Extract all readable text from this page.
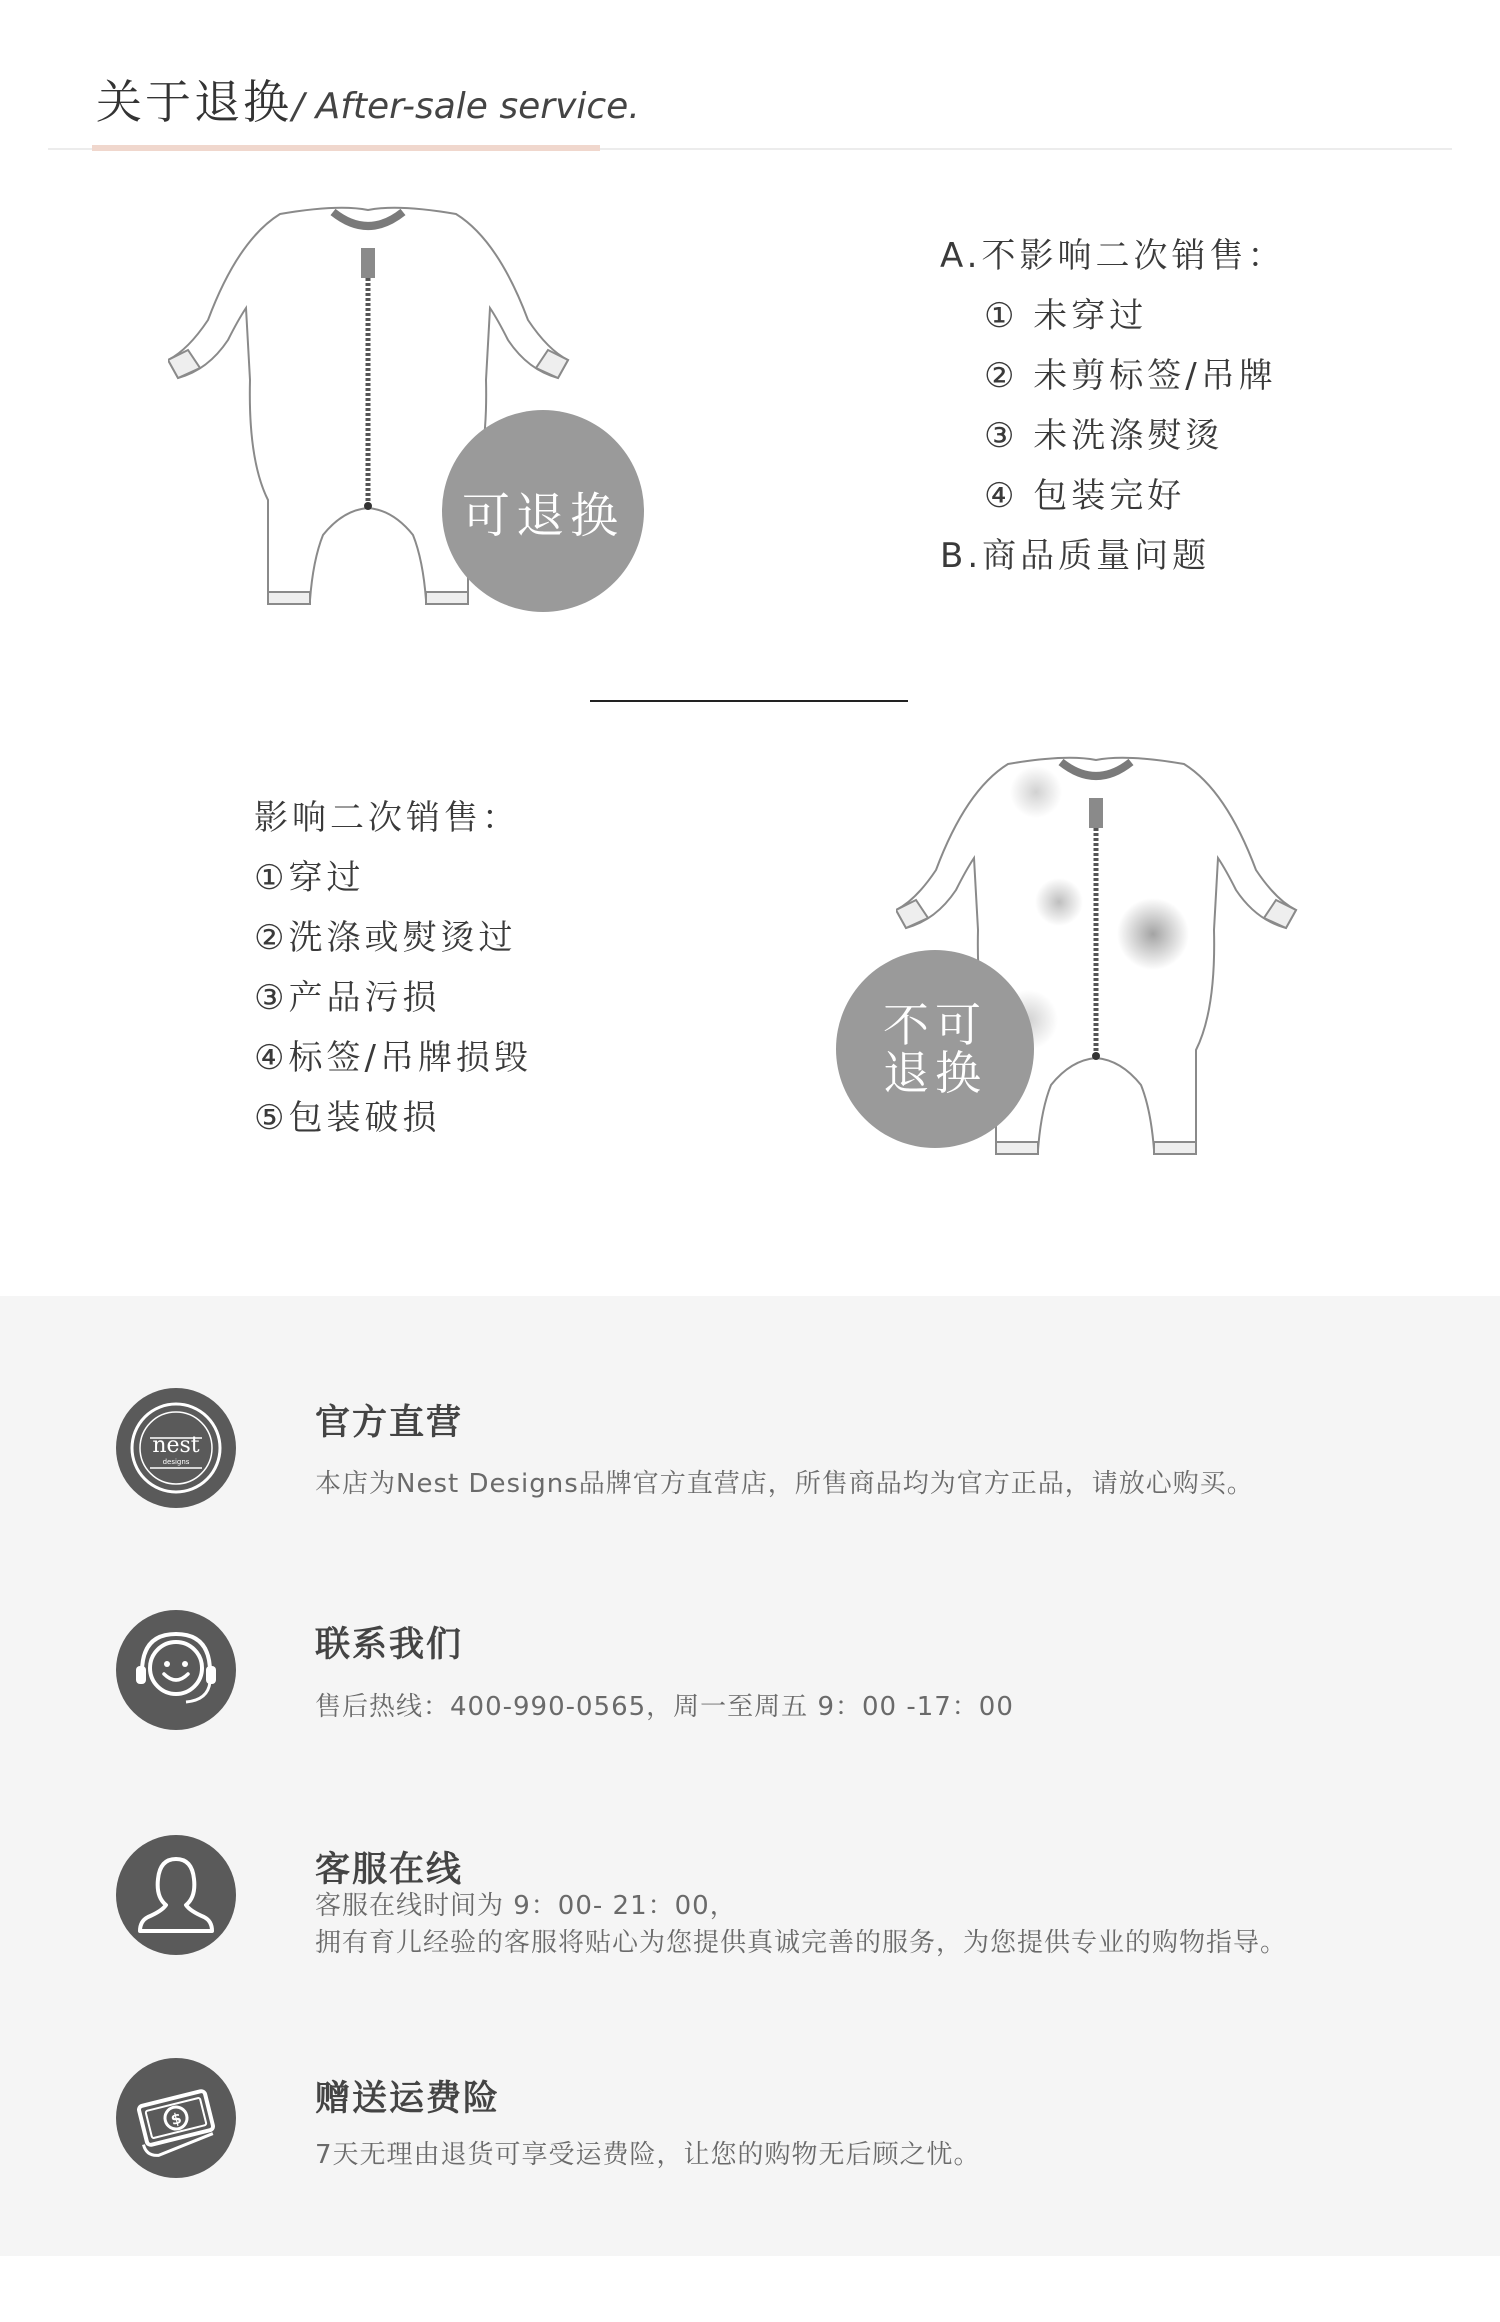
关于退换/ After-sale service.
可退换
A.不影响二次销售：
① 未穿过
② 未剪标签/吊牌
③ 未洗涤熨烫
④ 包装完好
B.商品质量问题
影响二次销售：
①穿过
②洗涤或熨烫过
③产品污损
④标签/吊牌损毁
⑤包装破损
不可
退换
nest
designs
官方直营
本店为Nest Designs品牌官方直营店，所售商品均为官方正品，请放心购买。
联系我们
售后热线：400-990-0565，周一至周五 9：00 -17：00
客服在线
客服在线时间为 9：00- 21：00，
拥有育儿经验的客服将贴心为您提供真诚完善的服务，为您提供专业的购物指导。
$	赠送运费险
7天无理由退货可享受运费险，让您的购物无后顾之忧。
